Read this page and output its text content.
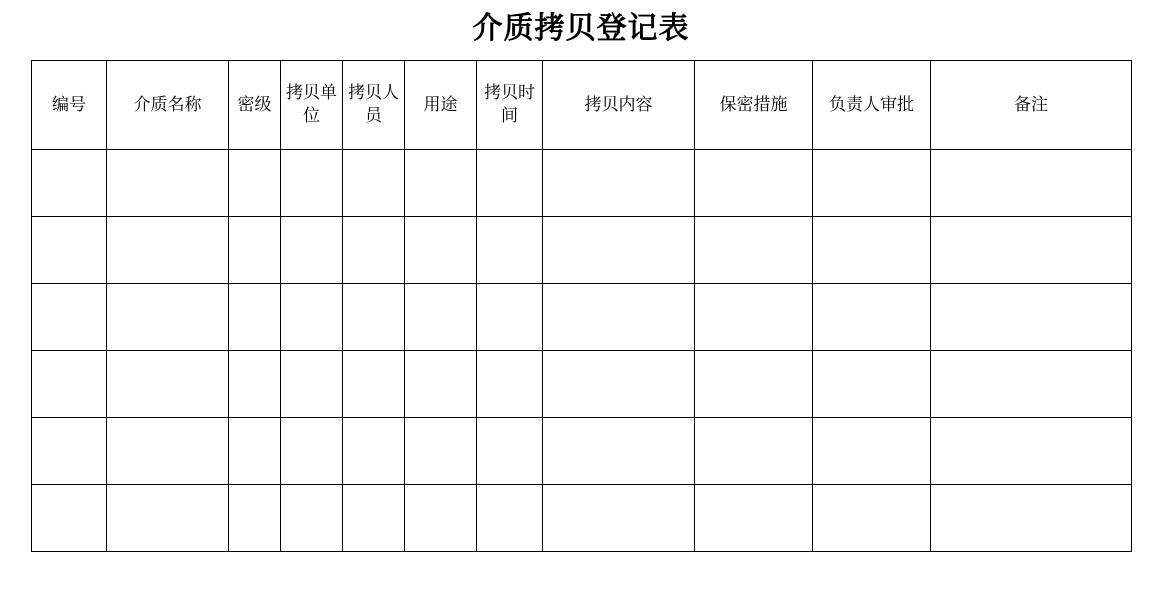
介质拷贝登记表
编号	介质名称	密级	拷贝单位	拷贝人员	用途	拷贝时间	拷贝内容	保密措施	负责人审批	备注
